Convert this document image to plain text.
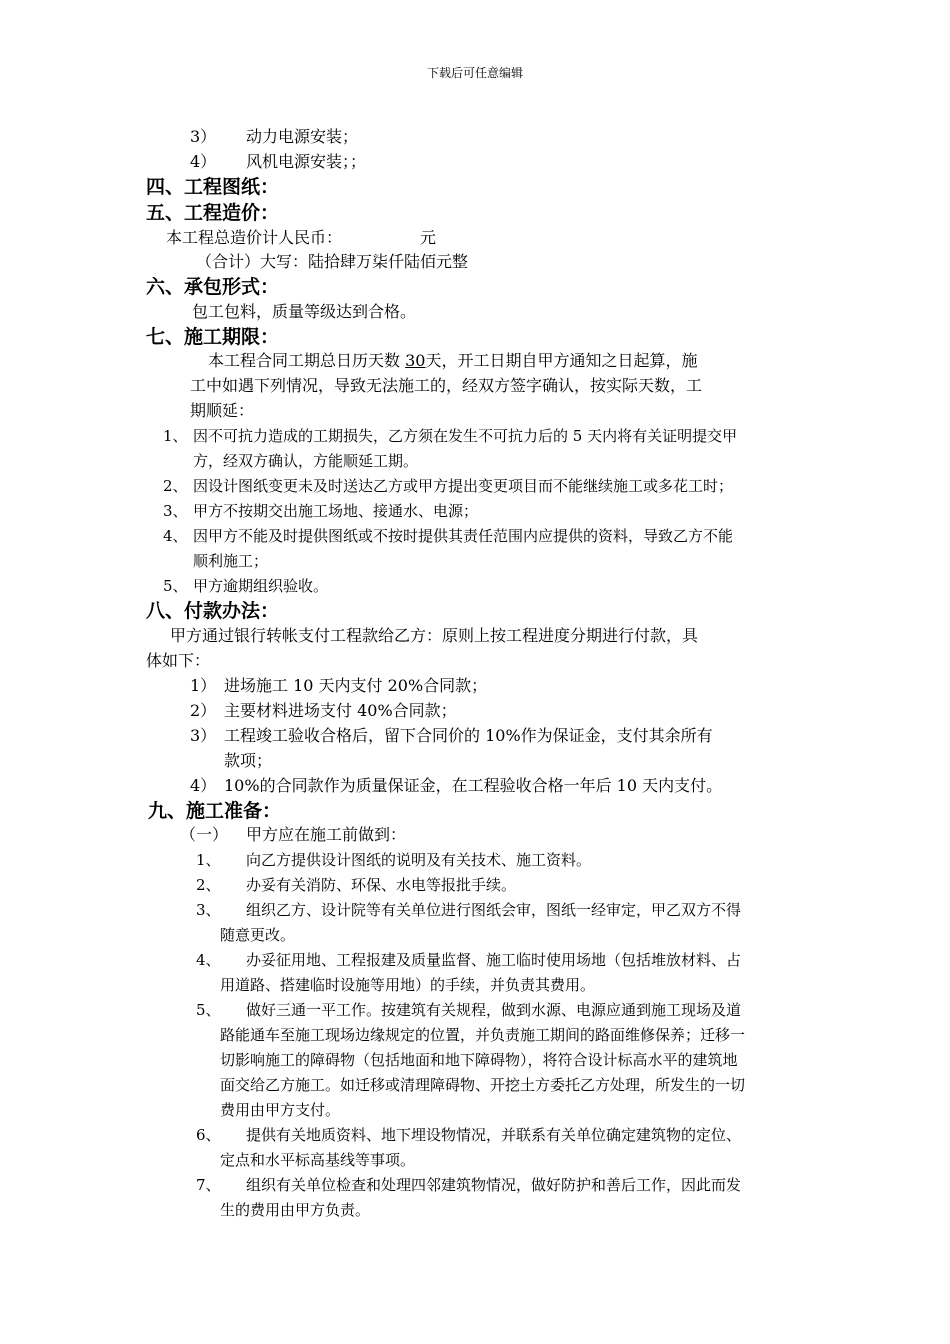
下载后可任意编辑
3） 动力电源安装；
4） 风机电源安装；；
四、工程图纸：
五、工程造价：
本工程总造价计人民币：	元
（合计）大写：陆拾肆万柒仟陆佰元整
六、承包形式：
包工包料，质量等级达到合格。
七、施工期限：
本工程合同工期总日历天数 30天，开工日期自甲方通知之日起算，施
工中如遇下列情况，导致无法施工的，经双方签字确认，按实际天数，工
期顺延：
1、 因不可抗力造成的工期损失，乙方须在发生不可抗力后的 5 天内将有关证明提交甲
方，经双方确认，方能顺延工期。
2、 因设计图纸变更未及时送达乙方或甲方提出变更项目而不能继续施工或多花工时；
3、 甲方不按期交出施工场地、接通水、电源；
4、 因甲方不能及时提供图纸或不按时提供其责任范围内应提供的资料，导致乙方不能
顺利施工；
5、 甲方逾期组织验收。
八、付款办法：
甲方通过银行转帐支付工程款给乙方：原则上按工程进度分期进行付款，具
体如下：
1） 进场施工 10 天内支付 20%合同款；
2） 主要材料进场支付 40%合同款；
3） 工程竣工验收合格后，留下合同价的 10%作为保证金，支付其余所有
款项；
4） 10%的合同款作为质量保证金，在工程验收合格一年后 10 天内支付。
九、施工准备：
（一） 甲方应在施工前做到：
1、 向乙方提供设计图纸的说明及有关技术、施工资料。
2、 办妥有关消防、环保、水电等报批手续。
3、 组织乙方、设计院等有关单位进行图纸会审，图纸一经审定，甲乙双方不得
随意更改。
4、 办妥征用地、工程报建及质量监督、施工临时使用场地（包括堆放材料、占
用道路、搭建临时设施等用地）的手续，并负责其费用。
5、 做好三通一平工作。按建筑有关规程，做到水源、电源应通到施工现场及道
路能通车至施工现场边缘规定的位置，并负责施工期间的路面维修保养；迁移一
切影响施工的障碍物（包括地面和地下障碍物），将符合设计标高水平的建筑地
面交给乙方施工。如迁移或清理障碍物、开挖土方委托乙方处理，所发生的一切
费用由甲方支付。
6、 提供有关地质资料、地下埋设物情况，并联系有关单位确定建筑物的定位、
定点和水平标高基线等事项。
7、 组织有关单位检查和处理四邻建筑物情况，做好防护和善后工作，因此而发
生的费用由甲方负责。
